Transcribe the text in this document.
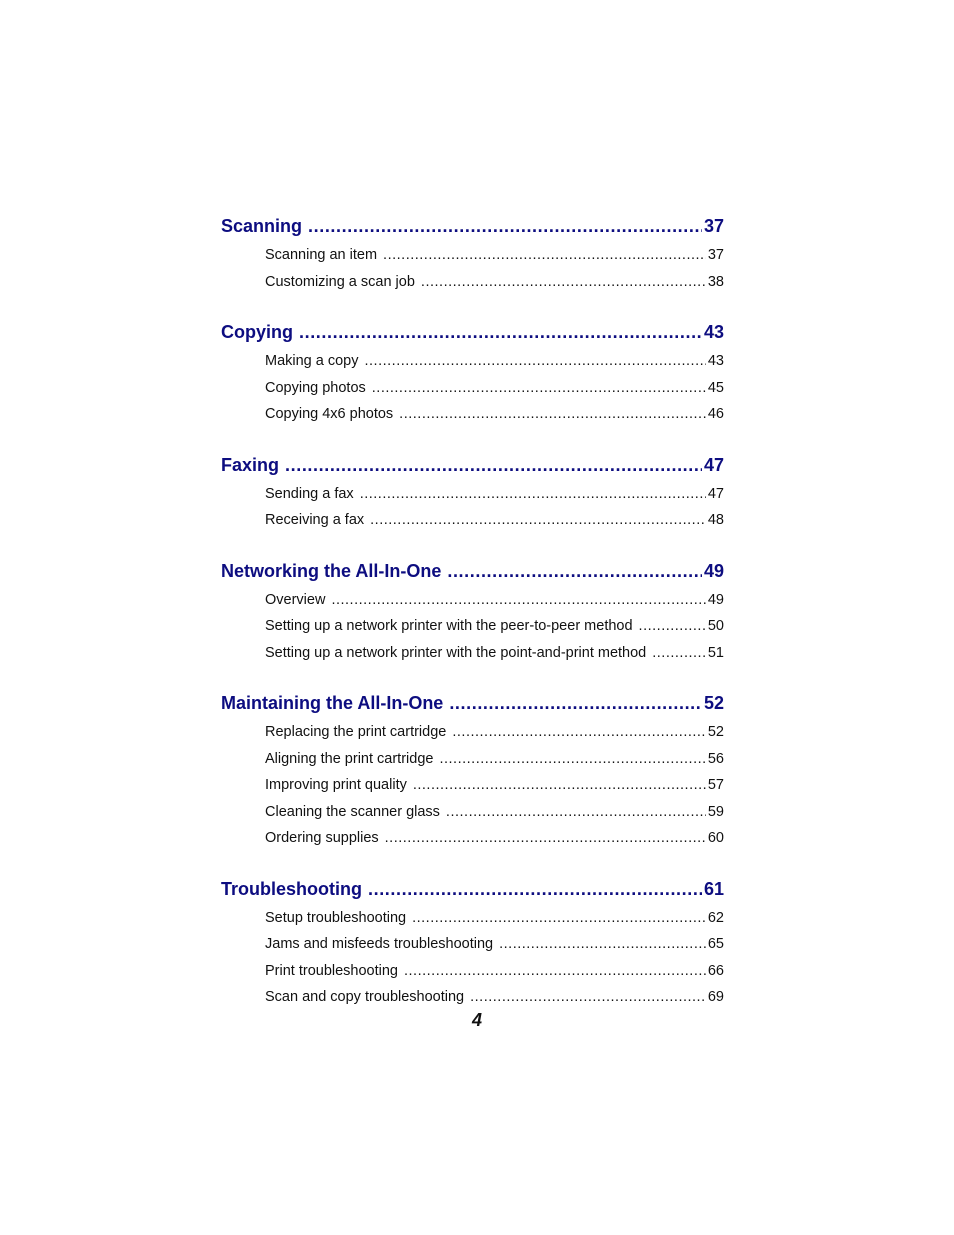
Scanning .....	37
Scanning an item .....	37
Customizing a scan job .....	38
Copying .....	43
Making a copy .....	43
Copying photos .....	45
Copying 4x6 photos .....	46
Faxing .....	47
Sending a fax .....	47
Receiving a fax .....	48
Networking the All-In-One .....	49
Overview .....	49
Setting up a network printer with the peer-to-peer method .....	50
Setting up a network printer with the point-and-print method .....	51
Maintaining the All-In-One .....	52
Replacing the print cartridge .....	52
Aligning the print cartridge .....	56
Improving print quality .....	57
Cleaning the scanner glass .....	59
Ordering supplies .....	60
Troubleshooting .....	61
Setup troubleshooting .....	62
Jams and misfeeds troubleshooting .....	65
Print troubleshooting .....	66
Scan and copy troubleshooting .....	69
4
